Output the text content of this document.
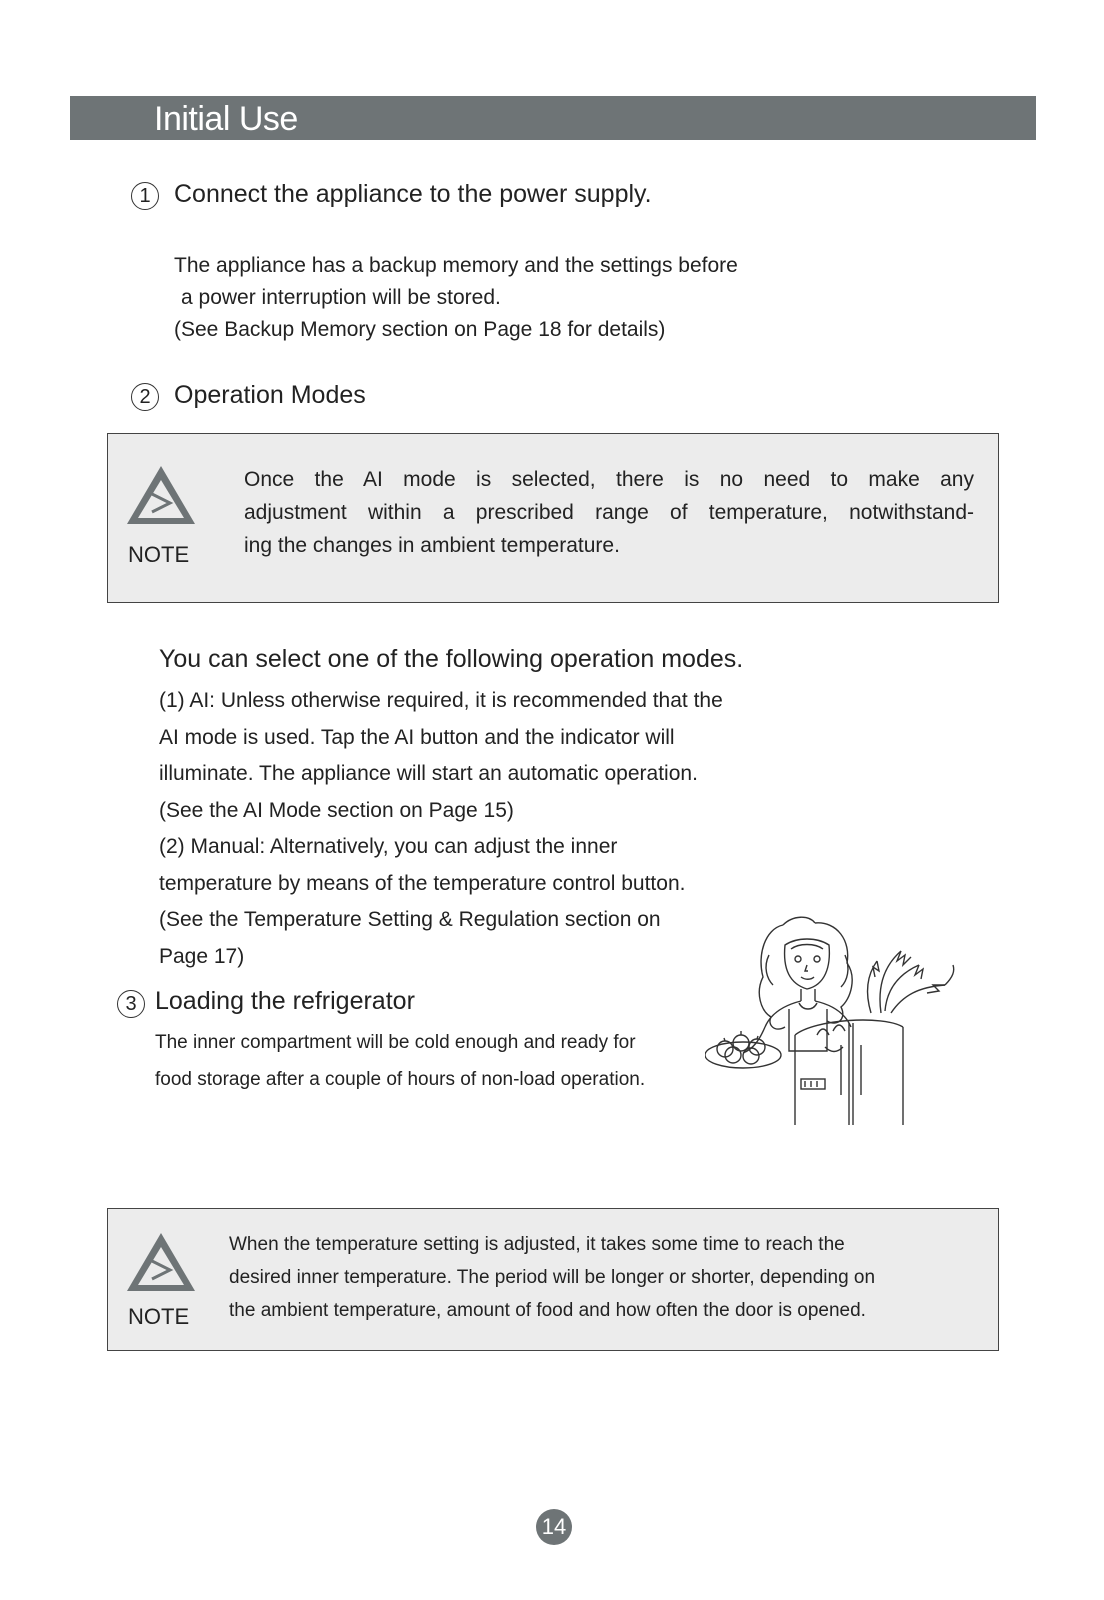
Initial Use
1 Connect the appliance to the power supply.
The appliance has a backup memory and the settings before
a power interruption will be stored.
(See Backup Memory section on Page 18 for details)
2 Operation Modes
NOTE
Once the AI mode is selected, there is no need to make any
adjustment within a prescribed range of temperature, notwithstand-
ing the changes in ambient temperature.
You can select one of the following operation modes.
(1) AI: Unless otherwise required, it is recommended that the
AI mode is used. Tap the AI button and the indicator will
illuminate. The appliance will start an automatic operation.
(See the AI Mode section on Page 15)
(2) Manual: Alternatively, you can adjust the inner
temperature by means of the temperature control button.
(See the Temperature Setting & Regulation section on
Page 17)
3 Loading the refrigerator
The inner compartment will be cold enough and ready for
food storage after a couple of hours of non-load operation.
NOTE
When the temperature setting is adjusted, it takes some time to reach the
desired inner temperature. The period will be longer or shorter, depending on
the ambient temperature, amount of food and how often the door is opened.
14
